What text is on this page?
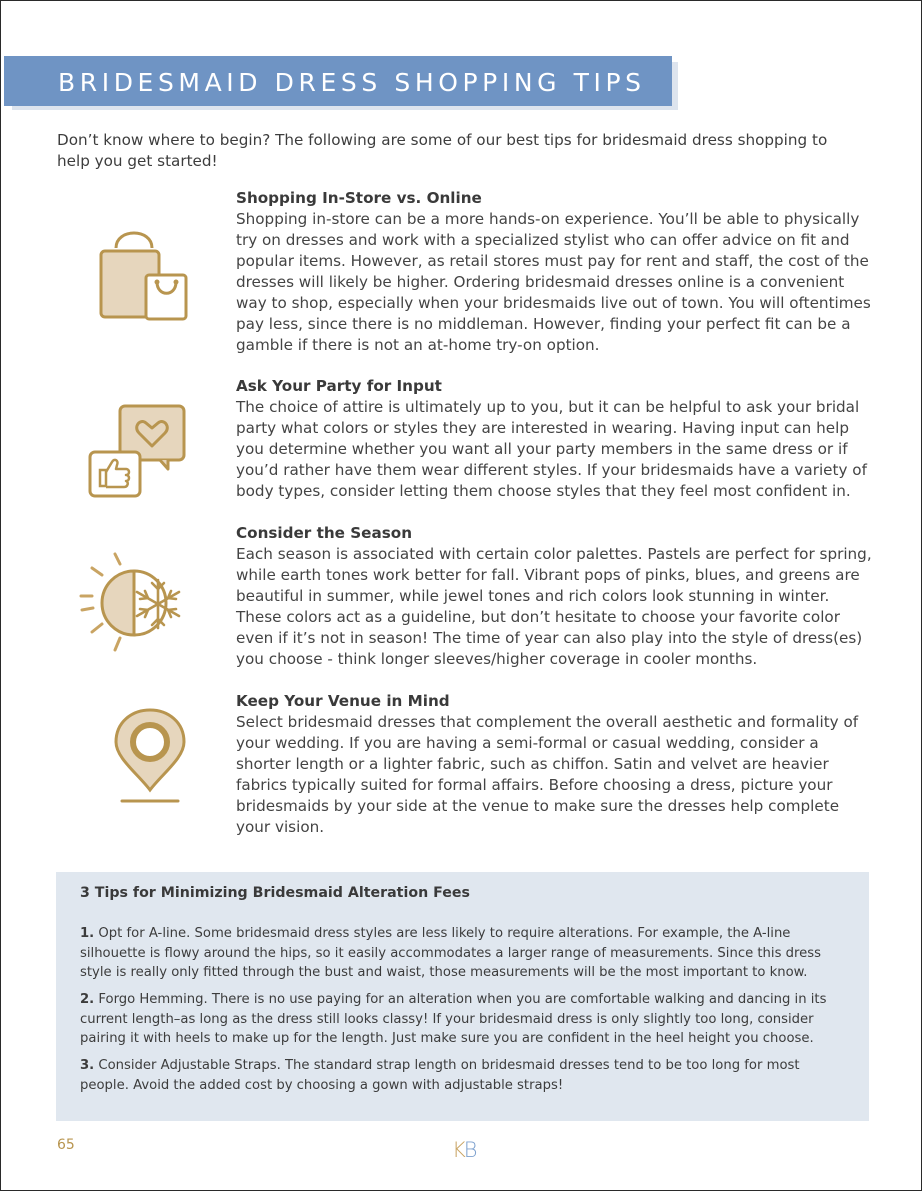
BRIDESMAID DRESS SHOPPING TIPS
Don’t know where to begin? The following are some of our best tips for bridesmaid dress shopping to help you get started!
Shopping In-Store vs. Online
Shopping in-store can be a more hands-on experience. You’ll be able to physically try on dresses and work with a specialized stylist who can offer advice on fit and popular items. However, as retail stores must pay for rent and staff, the cost of the dresses will likely be higher. Ordering bridesmaid dresses online is a convenient way to shop, especially when your bridesmaids live out of town. You will oftentimes pay less, since there is no middleman. However, finding your perfect fit can be a gamble if there is not an at-home try-on option.
Ask Your Party for Input
The choice of attire is ultimately up to you, but it can be helpful to ask your bridal party what colors or styles they are interested in wearing. Having input can help you determine whether you want all your party members in the same dress or if you’d rather have them wear different styles. If your bridesmaids have a variety of body types, consider letting them choose styles that they feel most confident in.
Consider the Season
Each season is associated with certain color palettes. Pastels are perfect for spring, while earth tones work better for fall. Vibrant pops of pinks, blues, and greens are beautiful in summer, while jewel tones and rich colors look stunning in winter. These colors act as a guideline, but don’t hesitate to choose your favorite color even if it’s not in season! The time of year can also play into the style of dress(es) you choose - think longer sleeves/higher coverage in cooler months.
Keep Your Venue in Mind
Select bridesmaid dresses that complement the overall aesthetic and formality of your wedding. If you are having a semi-formal or casual wedding, consider a shorter length or a lighter fabric, such as chiffon. Satin and velvet are heavier fabrics typically suited for formal affairs. Before choosing a dress, picture your bridesmaids by your side at the venue to make sure the dresses help complete your vision.
3 Tips for Minimizing Bridesmaid Alteration Fees
1. Opt for A-line. Some bridesmaid dress styles are less likely to require alterations. For example, the A-line silhouette is flowy around the hips, so it easily accommodates a larger range of measurements. Since this dress style is really only fitted through the bust and waist, those measurements will be the most important to know.
2. Forgo Hemming. There is no use paying for an alteration when you are comfortable walking and dancing in its current length–as long as the dress still looks classy! If your bridesmaid dress is only slightly too long, consider pairing it with heels to make up for the length. Just make sure you are confident in the heel height you choose.
3. Consider Adjustable Straps. The standard strap length on bridesmaid dresses tend to be too long for most people. Avoid the added cost by choosing a gown with adjustable straps!
65	KB
